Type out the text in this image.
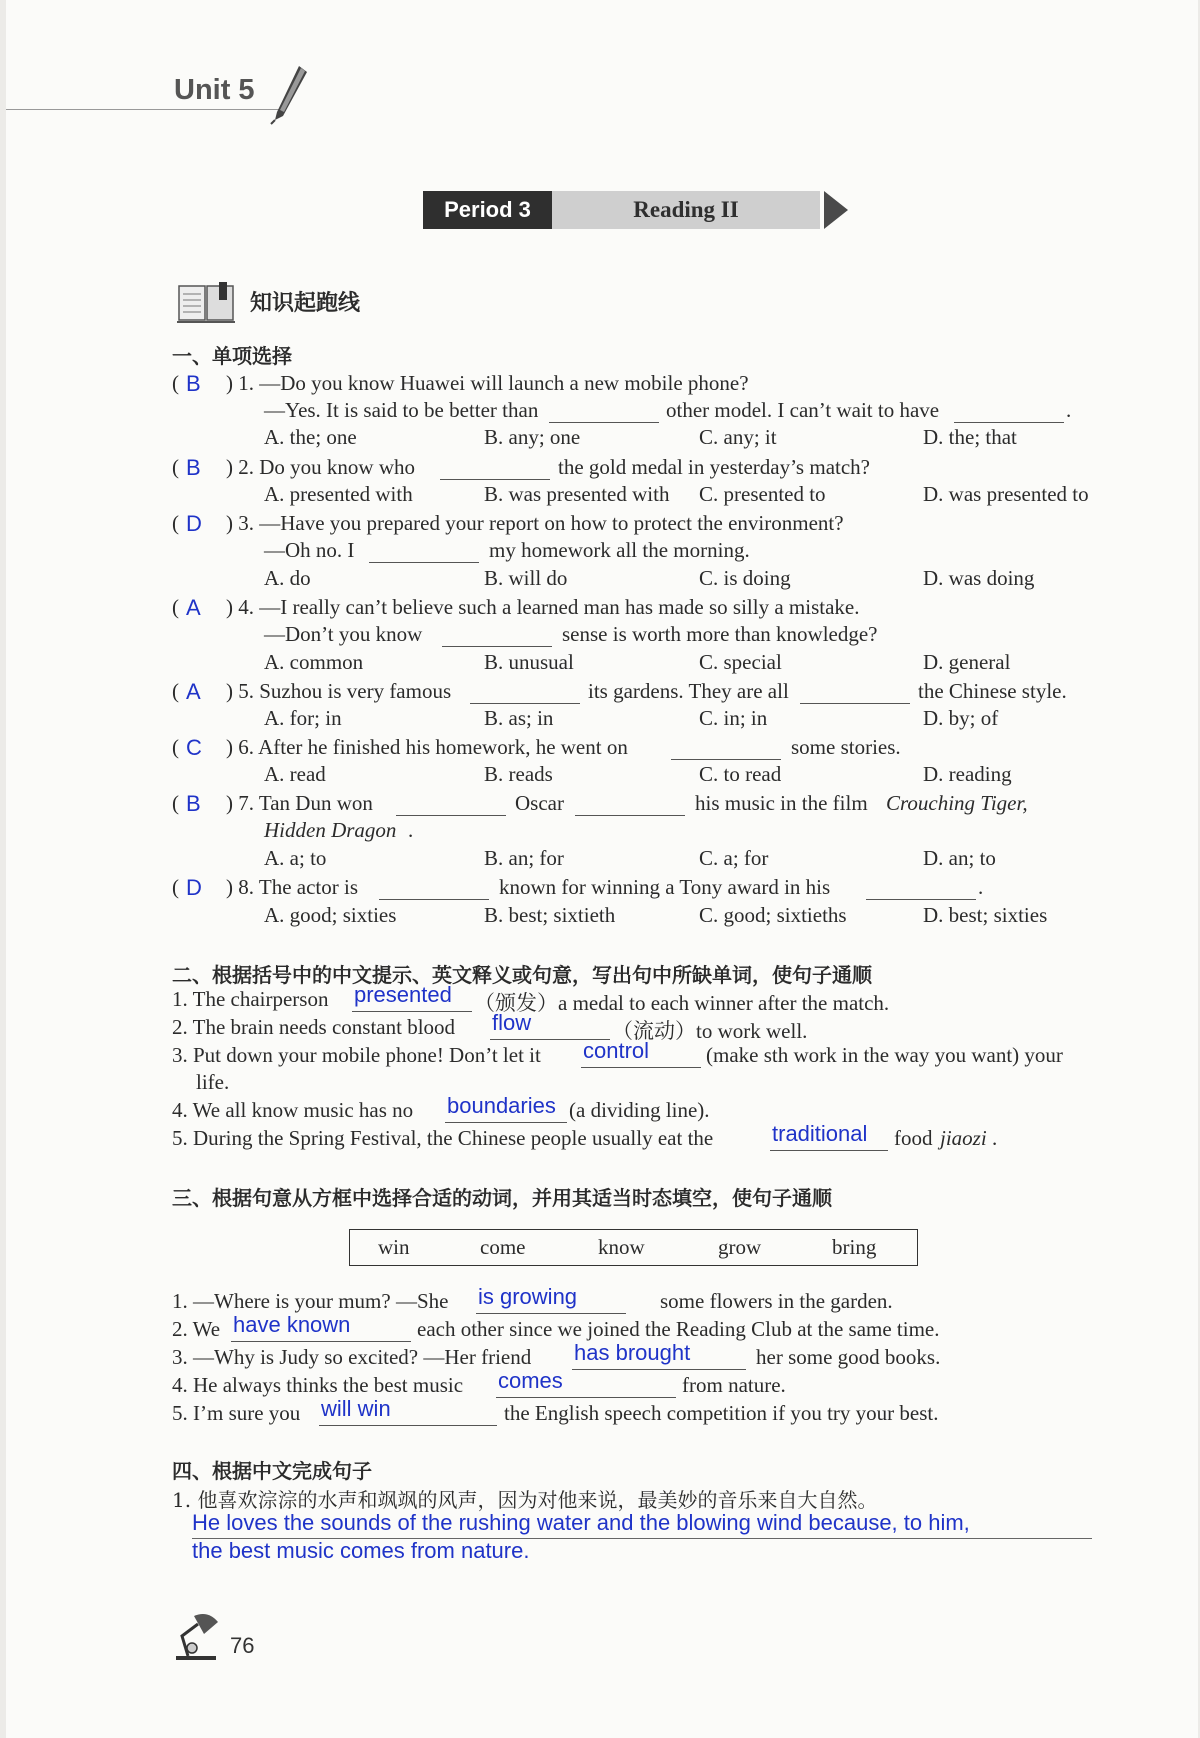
Unit 5
Period 3	Reading II
知识起跑线
一、单项选择
( B ) 1. —Do you know Huawei will launch a new mobile phone?
—Yes. It is said to be better than	other model. I can’t wait to have	.
A. the; one	B. any; one	C. any; it	D. the; that
( B ) 2. Do you know who	the gold medal in yesterday’s match?
A. presented with	B. was presented with C. presented to	D. was presented to
( D ) 3. —Have you prepared your report on how to protect the environment?
—Oh no. I	my homework all the morning.
A. do	B. will do	C. is doing	D. was doing
( A ) 4. —I really can’t believe such a learned man has made so silly a mistake.
—Don’t you know	sense is worth more than knowledge?
A. common	B. unusual	C. special	D. general
( A ) 5. Suzhou is very famous	its gardens. They are all	the Chinese style.
A. for; in	B. as; in	C. in; in	D. by; of
( C ) 6. After he finished his homework, he went on	some stories.
A. read	B. reads	C. to read	D. reading
( B ) 7. Tan Dun won	Oscar	his music in the film Crouching Tiger,
Hidden Dragon .
A. a; to	B. an; for	C. a; for	D. an; to
( D ) 8. The actor is	known for winning a Tony award in his	.
A. good; sixties	B. best; sixtieth	C. good; sixtieths	D. best; sixties
二、根据括号中的中文提示、英文释义或句意，写出句中所缺单词，使句子通顺
1. The chairperson presented （颁发）a medal to each winner after the match.
2. The brain needs constant blood flow	（流动）to work well.
3. Put down your mobile phone! Don’t let it control	(make sth work in the way you want) your
life.
4. We all know music has no boundaries (a dividing line).
5. During the Spring Festival, the Chinese people usually eat the	traditional food jiaozi .
三、根据句意从方框中选择合适的动词，并用其适当时态填空，使句子通顺
win	come	know	grow	bring
1. —Where is your mum? —She is growing	some flowers in the garden.
2. We have known	each other since we joined the Reading Club at the same time.
3. —Why is Judy so excited? —Her friend has brought	her some good books.
4. He always thinks the best music comes	from nature.
5. I’m sure you will win	the English speech competition if you try your best.
四、根据中文完成句子
1. 他喜欢淙淙的水声和飒飒的风声，因为对他来说，最美妙的音乐来自大自然。
He loves the sounds of the rushing water and the blowing wind because, to him,
the best music comes from nature.
76
